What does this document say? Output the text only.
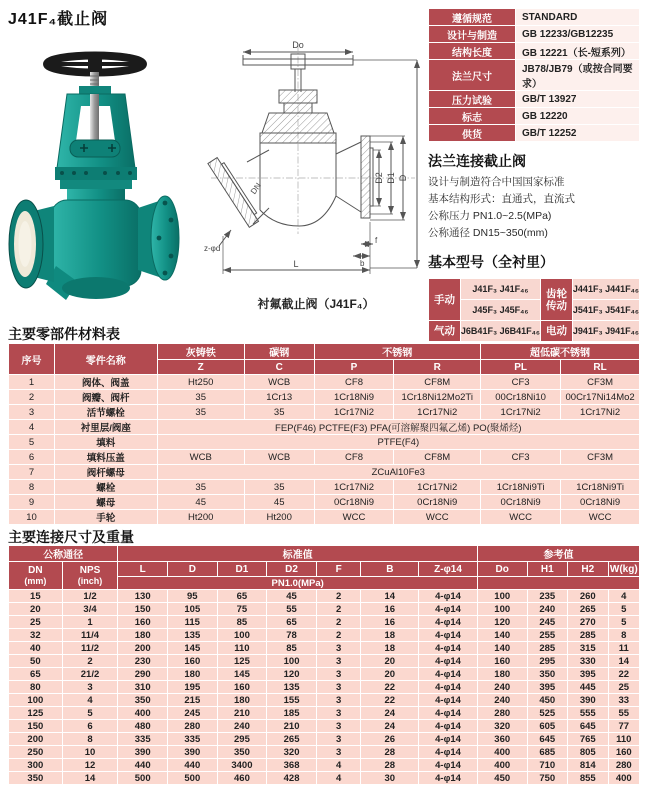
J41F₄截止阀
Do
D2 D1 D
DN
z-φd
f
b
L
衬氟截止阀（J41F₄）
遵循规范	STANDARD
设计与制造	GB 12233/GB12235
结构长度	GB 12221（长-短系列）
法兰尺寸	JB78/JB79（或按合同要求）
压力试验	GB/T 13927
标志	GB 12220
供货	GB/T 12252
法兰连接截止阀
设计与制造符合中国国家标准
基本结构形式：直通式，直流式
公称压力 PN1.0~2.5(MPa)
公称通径 DN15~350(mm)
基本型号（全衬里）
手动	J41F₃ J41F₄₆	齿轮传动	J441F₃ J441F₄₆
	J45F₃ J45F₄₆		J541F₃ J541F₄₆
气动	J6B41F₃ J6B41F₄₆	电动	J941F₃ J941F₄₆
主要零部件材料表
序号	零件名称	灰铸铁	碳钢	不锈钢		超低碳不锈钢	
		Z	C	P	R	PL	RL
1	阀体、阀盖	Ht250	WCB	CF8	CF8M	CF3	CF3M
2	阀瓣、阀杆	35	1Cr13	1Cr18Ni9	1Cr18Ni12Mo2Ti	00Cr18Ni10	00Cr17Ni14Mo2
3	活节螺栓	35	35	1Cr17Ni2	1Cr17Ni2	1Cr17Ni2	1Cr17Ni2
4	衬里层/阀座	FEP(F46) PCTFE(F3) PFA(可溶解聚四氟乙烯) PO(聚烯烃)					
5	填料	PTFE(F4)					
6	填料压盖	WCB	WCB	CF8	CF8M	CF3	CF3M
7	阀杆螺母	ZCuAl10Fe3					
8	螺栓	35	35	1Cr17Ni2	1Cr17Ni2	1Cr18Ni9Ti	1Cr18Ni9Ti
9	螺母	45	45	0Cr18Ni9	0Cr18Ni9	0Cr18Ni9	0Cr18Ni9
10	手轮	Ht200	Ht200	WCC	WCC	WCC	WCC
主要连接尺寸及重量
公称通径		标准值							参考值			

DN
(mm)

NPS
(inch)
	L	D	D1	D2	F	B	Z-φ14	Do	H1	H2	W(kg)
		PN1.0(MPa)										
15	1/2	130	95	65	45	2	14	4-φ14	100	235	260	4
20	3/4	150	105	75	55	2	16	4-φ14	100	240	265	5
25	1	160	115	85	65	2	16	4-φ14	120	245	270	5
32	11/4	180	135	100	78	2	18	4-φ14	140	255	285	8
40	11/2	200	145	110	85	3	18	4-φ14	140	285	315	11
50	2	230	160	125	100	3	20	4-φ14	160	295	330	14
65	21/2	290	180	145	120	3	20	4-φ14	180	350	395	22
80	3	310	195	160	135	3	22	4-φ14	240	395	445	25
100	4	350	215	180	155	3	22	4-φ14	240	450	390	33
125	5	400	245	210	185	3	24	4-φ14	280	525	555	55
150	6	480	280	240	210	3	24	4-φ14	320	605	645	77
200	8	335	335	295	265	3	26	4-φ14	360	645	765	110
250	10	390	390	350	320	3	28	4-φ14	400	685	805	160
300	12	440	440	3400	368	4	28	4-φ14	400	710	814	280
350	14	500	500	460	428	4	30	4-φ14	450	750	855	400
